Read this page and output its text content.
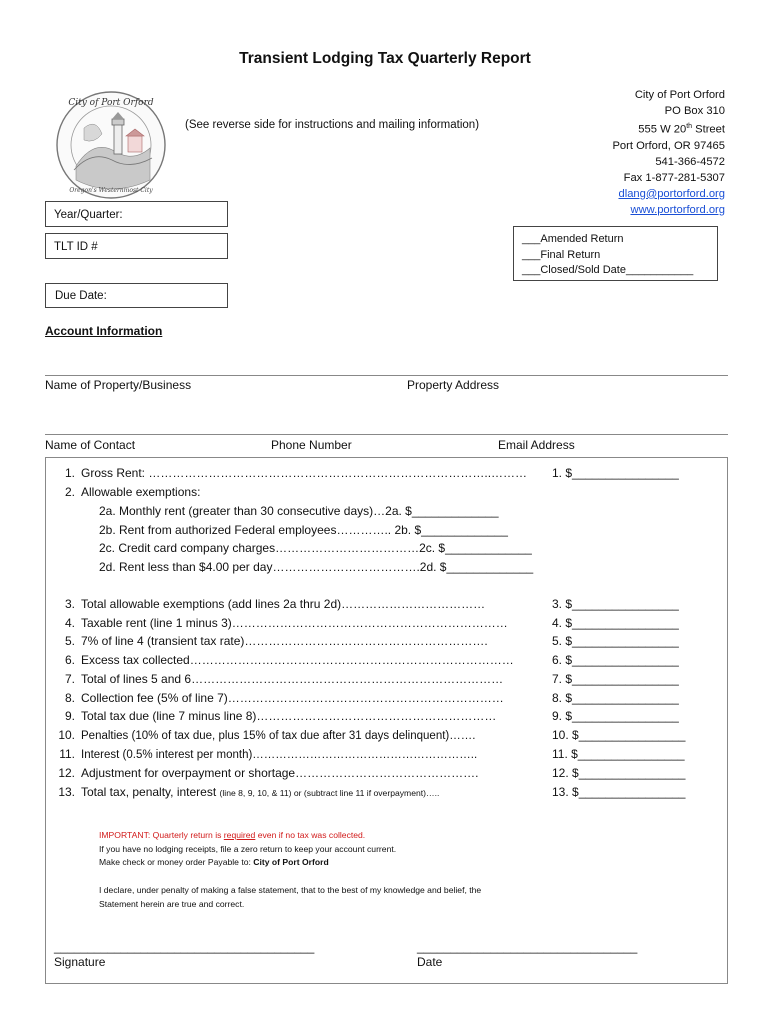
Transient Lodging Tax Quarterly Report
City of Port Orford
Oregon's Westernmost City
(See reverse side for instructions and mailing information)
City of Port Orford
PO Box 310
555 W 20th Street
Port Orford, OR 97465
541-366-4572
Fax 1-877-281-5307
dlang@portorford.org
www.portorford.org
Year/Quarter:
TLT ID #
Due Date:
___Amended Return
___Final Return
___Closed/Sold Date___________
Account Information
Name of Property/Business	Property Address
Name of Contact	Phone Number	Email Address
1. Gross Rent: …………………………………………………………………………..……… 1. $________________
2. Allowable exemptions:
2a. Monthly rent (greater than 30 consecutive days)…2a. $_____________
2b. Rent from authorized Federal employees………….. 2b. $_____________
2c. Credit card company charges………………………………2c. $_____________
2d. Rent less than $4.00 per day……………………………….2d. $_____________
3. Total allowable exemptions (add lines 2a thru 2d)………………………………	3. $________________
4. Taxable rent (line 1 minus 3)……………………………………………………………	4. $________________
5. 7% of line 4 (transient tax rate)…………………………………………………….	5. $________________
6. Excess tax collected………………………………………………………………………	6. $________________
7. Total of lines 5 and 6……………………………………………………………………	7. $________________
8. Collection fee (5% of line 7)……………………………………………………………	8. $________________
9. Total tax due (line 7 minus line 8)……………………………………………………	9. $________________
10. Penalties (10% of tax due, plus 15% of tax due after 31 days delinquent)…….	10. $________________
11. Interest (0.5% interest per month)…………………………………………………..	11. $________________
12. Adjustment for overpayment or shortage……………………………………….	12. $________________
13. Total tax, penalty, interest (line 8, 9, 10, & 11) or (subtract line 11 if overpayment)…..	13. $________________
IMPORTANT: Quarterly return is required even if no tax was collected.
If you have no lodging receipts, file a zero return to keep your account current.
Make check or money order Payable to: City of Port Orford
I declare, under penalty of making a false statement, that to the best of my knowledge and belief, the
Statement herein are true and correct.
_______________________________________
Signature
_________________________________
Date
